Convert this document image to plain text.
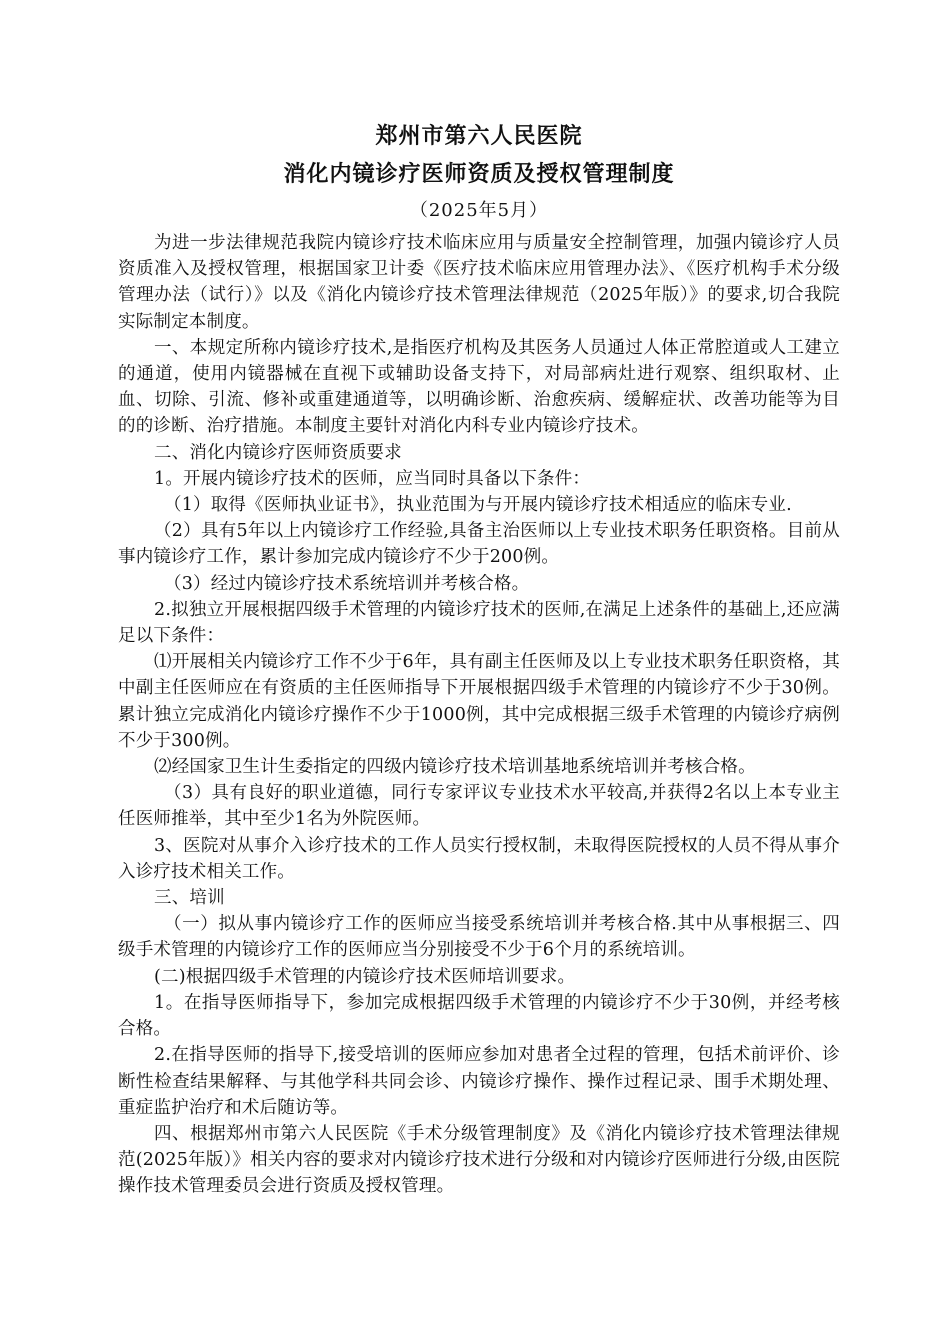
郑州市第六人民医院
消化内镜诊疗医师资质及授权管理制度
（2025年5月）

为进一步法律规范我院内镜诊疗技术临床应用与质量安全控制管理，加强内镜诊疗人员资质准入及授权管理，根据国家卫计委《医疗技术临床应用管理办法》、《医疗机构手术分级管理办法（试行）》以及《消化内镜诊疗技术管理法律规范（2025年版）》的要求,切合我院实际制定本制度。

一、本规定所称内镜诊疗技术,是指医疗机构及其医务人员通过人体正常腔道或人工建立的通道，使用内镜器械在直视下或辅助设备支持下，对局部病灶进行观察、组织取材、止血、切除、引流、修补或重建通道等，以明确诊断、治愈疾病、缓解症状、改善功能等为目的的诊断、治疗措施。本制度主要针对消化内科专业内镜诊疗技术。

二、消化内镜诊疗医师资质要求

1。开展内镜诊疗技术的医师，应当同时具备以下条件：

（1）取得《医师执业证书》，执业范围为与开展内镜诊疗技术相适应的临床专业.

（2）具有5年以上内镜诊疗工作经验,具备主治医师以上专业技术职务任职资格。目前从事内镜诊疗工作，累计参加完成内镜诊疗不少于200例。

（3）经过内镜诊疗技术系统培训并考核合格。

2.拟独立开展根据四级手术管理的内镜诊疗技术的医师,在满足上述条件的基础上,还应满足以下条件：

⑴开展相关内镜诊疗工作不少于6年，具有副主任医师及以上专业技术职务任职资格，其中副主任医师应在有资质的主任医师指导下开展根据四级手术管理的内镜诊疗不少于30例。累计独立完成消化内镜诊疗操作不少于1000例，其中完成根据三级手术管理的内镜诊疗病例不少于300例。

⑵经国家卫生计生委指定的四级内镜诊疗技术培训基地系统培训并考核合格。

（3）具有良好的职业道德，同行专家评议专业技术水平较高,并获得2名以上本专业主任医师推举，其中至少1名为外院医师。

3、医院对从事介入诊疗技术的工作人员实行授权制，未取得医院授权的人员不得从事介入诊疗技术相关工作。

三、培训

（一）拟从事内镜诊疗工作的医师应当接受系统培训并考核合格.其中从事根据三、四级手术管理的内镜诊疗工作的医师应当分别接受不少于6个月的系统培训。

(二)根据四级手术管理的内镜诊疗技术医师培训要求。

1。在指导医师指导下，参加完成根据四级手术管理的内镜诊疗不少于30例，并经考核合格。

2.在指导医师的指导下,接受培训的医师应参加对患者全过程的管理，包括术前评价、诊断性检查结果解释、与其他学科共同会诊、内镜诊疗操作、操作过程记录、围手术期处理、重症监护治疗和术后随访等。

四、根据郑州市第六人民医院《手术分级管理制度》及《消化内镜诊疗技术管理法律规范(2025年版）》相关内容的要求对内镜诊疗技术进行分级和对内镜诊疗医师进行分级,由医院操作技术管理委员会进行资质及授权管理。
